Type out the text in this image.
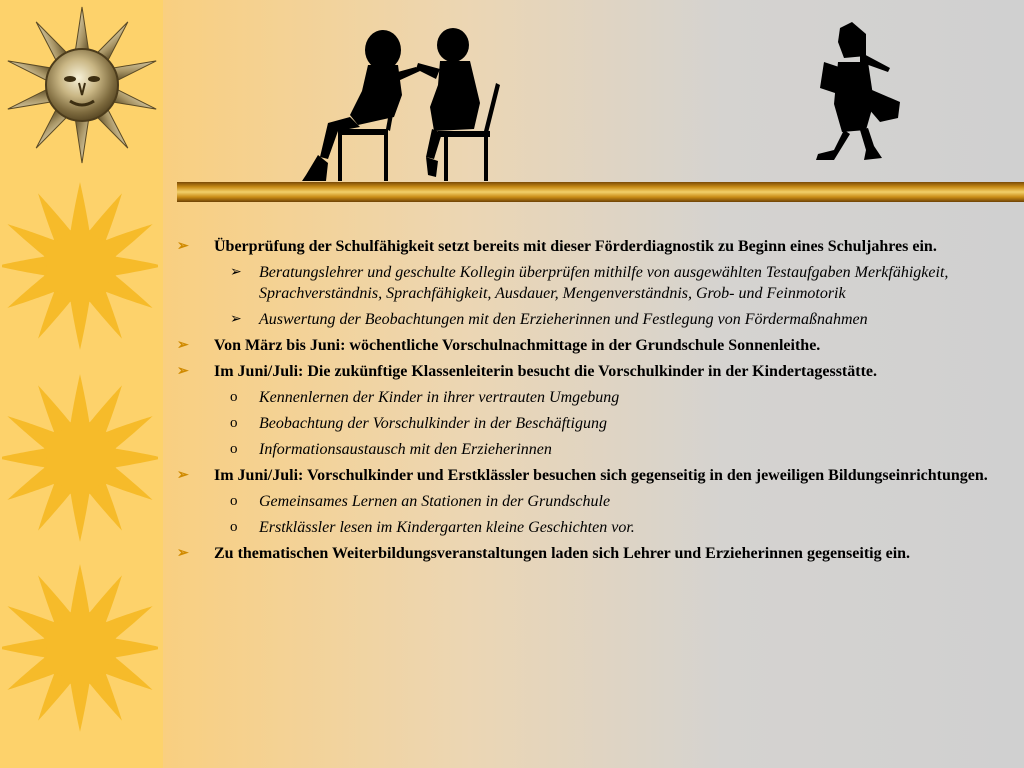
➢ Überprüfung der Schulfähigkeit setzt bereits mit dieser Förderdiagnostik zu Beginn eines Schuljahres ein.
➢ Beratungslehrer und geschulte Kollegin überprüfen mithilfe von ausgewählten Testaufgaben Merkfähigkeit, Sprachverständnis, Sprachfähigkeit, Ausdauer, Mengenverständnis, Grob- und Feinmotorik
➢ Auswertung der Beobachtungen mit den Erzieherinnen und Festlegung von Fördermaßnahmen
➢ Von März bis Juni: wöchentliche Vorschulnachmittage in der Grundschule Sonnenleithe.
➢ Im Juni/Juli: Die zukünftige Klassenleiterin besucht die Vorschulkinder in der Kindertagesstätte.
o Kennenlernen der Kinder in ihrer vertrauten Umgebung
o Beobachtung der Vorschulkinder in der Beschäftigung
o Informationsaustausch mit den Erzieherinnen
➢ Im Juni/Juli: Vorschulkinder und Erstklässler besuchen sich gegenseitig in den jeweiligen Bildungseinrichtungen.
o Gemeinsames Lernen an Stationen in der Grundschule
o Erstklässler lesen im Kindergarten kleine Geschichten vor.
➢ Zu thematischen Weiterbildungsveranstaltungen laden sich Lehrer und Erzieherinnen gegenseitig ein.
